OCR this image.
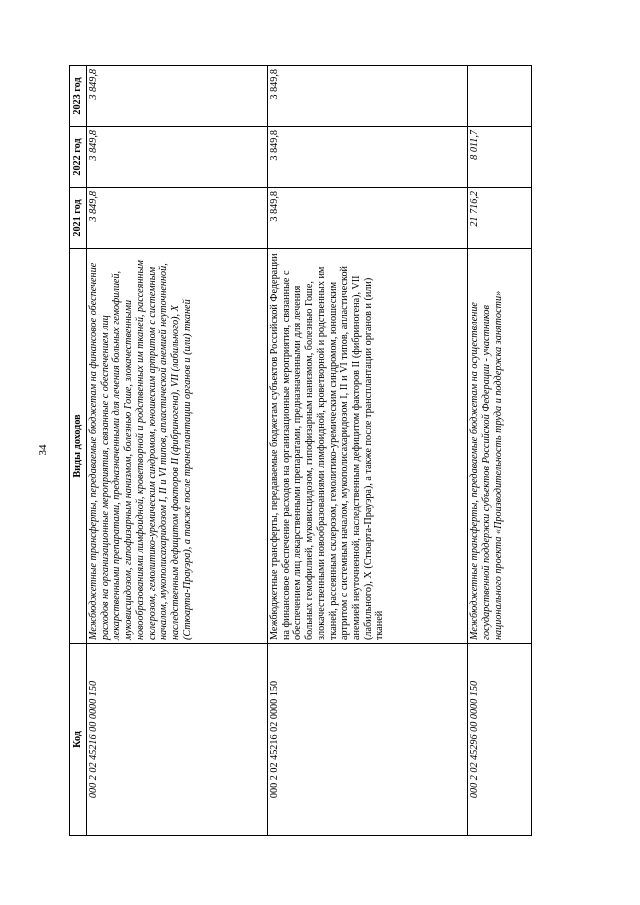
34
Код	Виды доходов	2021 год	2022 год	2023 год
000 2 02 45216 00 0000 150	Межбюджетные трансферты, передаваемые бюджетам на финансовое обеспечение расходов на организационные мероприятия, связанные с обеспечением лиц лекарственными препаратами, предназначенными для лечения больных гемофилией, муковисцидозом, гипофизарным нанизмом, болезнью Гоше, злокачественными новообразованиями лимфоидной, кроветворной и родственных им тканей, рассеянным склерозом, гемолитико-уремическим синдромом, юношеским артритом с системным началом, мукополисахаридозом I, II и VI типов, апластической анемией неуточненной, наследственным дефицитом факторов II (фибриногена), VII (лабильного), X (Стюарта-Прауэра), а также после трансплантации органов и (или) тканей	3 849,8	3 849,8	3 849,8
000 2 02 45216 02 0000 150	Межбюджетные трансферты, передаваемые бюджетам субъектов Российской Федерации на финансовое обеспечение расходов на организационные мероприятия, связанные с обеспечением лиц лекарственными препаратами, предназначенными для лечения больных гемофилией, муковисцидозом, гипофизарным нанизмом, болезнью Гоше, злокачественными новообразованиями лимфоидной, кроветворной и родственных им тканей, рассеянным склерозом, гемолитико-уремическим синдромом, юношеским артритом с системным началом, мукополисахаридозом I, II и VI типов, апластической анемией неуточненной, наследственным дефицитом факторов II (фибриногена), VII (лабильного), X (Стюарта-Прауэра), а также после трансплантации органов и (или) тканей	3 849,8	3 849,8	3 849,8
000 2 02 45296 00 0000 150	Межбюджетные трансферты, передаваемые бюджетам на осуществление государственной поддержки субъектов Российской Федерации - участников национального проекта «Производительность труда и поддержка занятости»	21 716,2	8 011,7	
